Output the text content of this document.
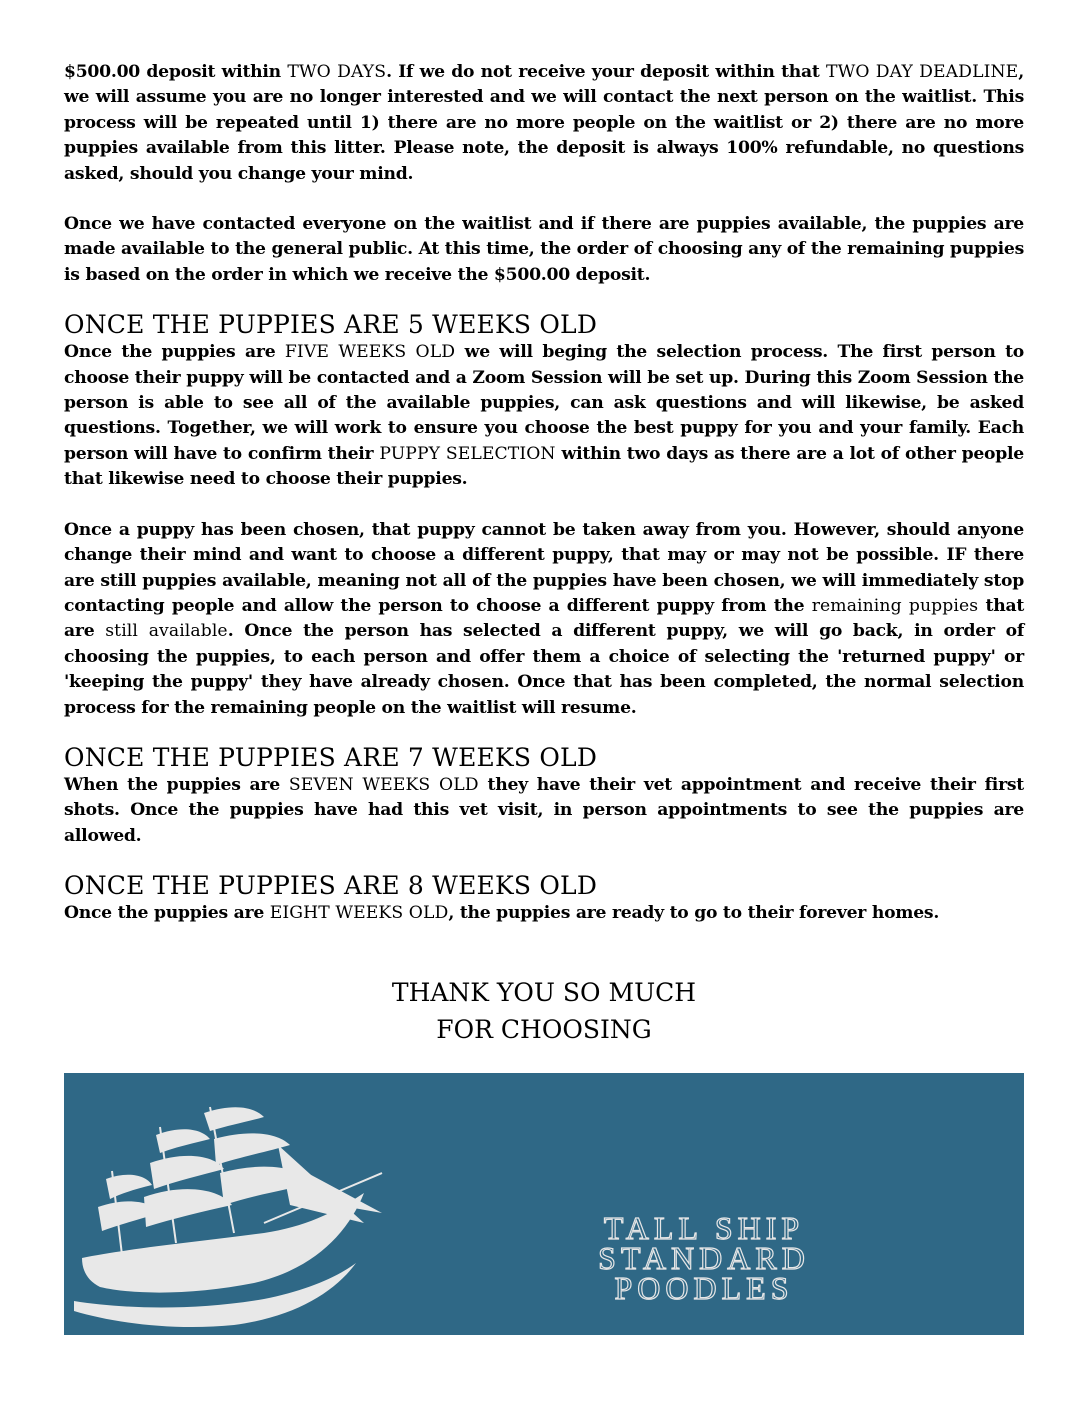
$500.00 deposit within TWO DAYS. If we do not receive your deposit within that TWO DAY DEADLINE, we will assume you are no longer interested and we will contact the next person on the waitlist. This process will be repeated until 1) there are no more people on the waitlist or 2) there are no more puppies available from this litter. Please note, the deposit is always 100% refundable, no questions asked, should you change your mind.

Once we have contacted everyone on the waitlist and if there are puppies available, the puppies are made available to the general public. At this time, the order of choosing any of the remaining puppies is based on the order in which we receive the $500.00 deposit.

ONCE THE PUPPIES ARE 5 WEEKS OLD

Once the puppies are FIVE WEEKS OLD we will beging the selection process. The first person to choose their puppy will be contacted and a Zoom Session will be set up. During this Zoom Session the person is able to see all of the available puppies, can ask questions and will likewise, be asked questions. Together, we will work to ensure you choose the best puppy for you and your family. Each person will have to confirm their PUPPY SELECTION within two days as there are a lot of other people that likewise need to choose their puppies.

Once a puppy has been chosen, that puppy cannot be taken away from you. However, should anyone change their mind and want to choose a different puppy, that may or may not be possible. IF there are still puppies available, meaning not all of the puppies have been chosen, we will immediately stop contacting people and allow the person to choose a different puppy from the remaining puppies that are still available. Once the person has selected a different puppy, we will go back, in order of choosing the puppies, to each person and offer them a choice of selecting the 'returned puppy' or 'keeping the puppy' they have already chosen. Once that has been completed, the normal selection process for the remaining people on the waitlist will resume.

ONCE THE PUPPIES ARE 7 WEEKS OLD

When the puppies are SEVEN WEEKS OLD they have their vet appointment and receive their first shots. Once the puppies have had this vet visit, in person appointments to see the puppies are allowed.

ONCE THE PUPPIES ARE 8 WEEKS OLD

Once the puppies are EIGHT WEEKS OLD, the puppies are ready to go to their forever homes.

THANK YOU SO MUCH
FOR CHOOSING
TALL SHIP
STANDARD
POODLES
